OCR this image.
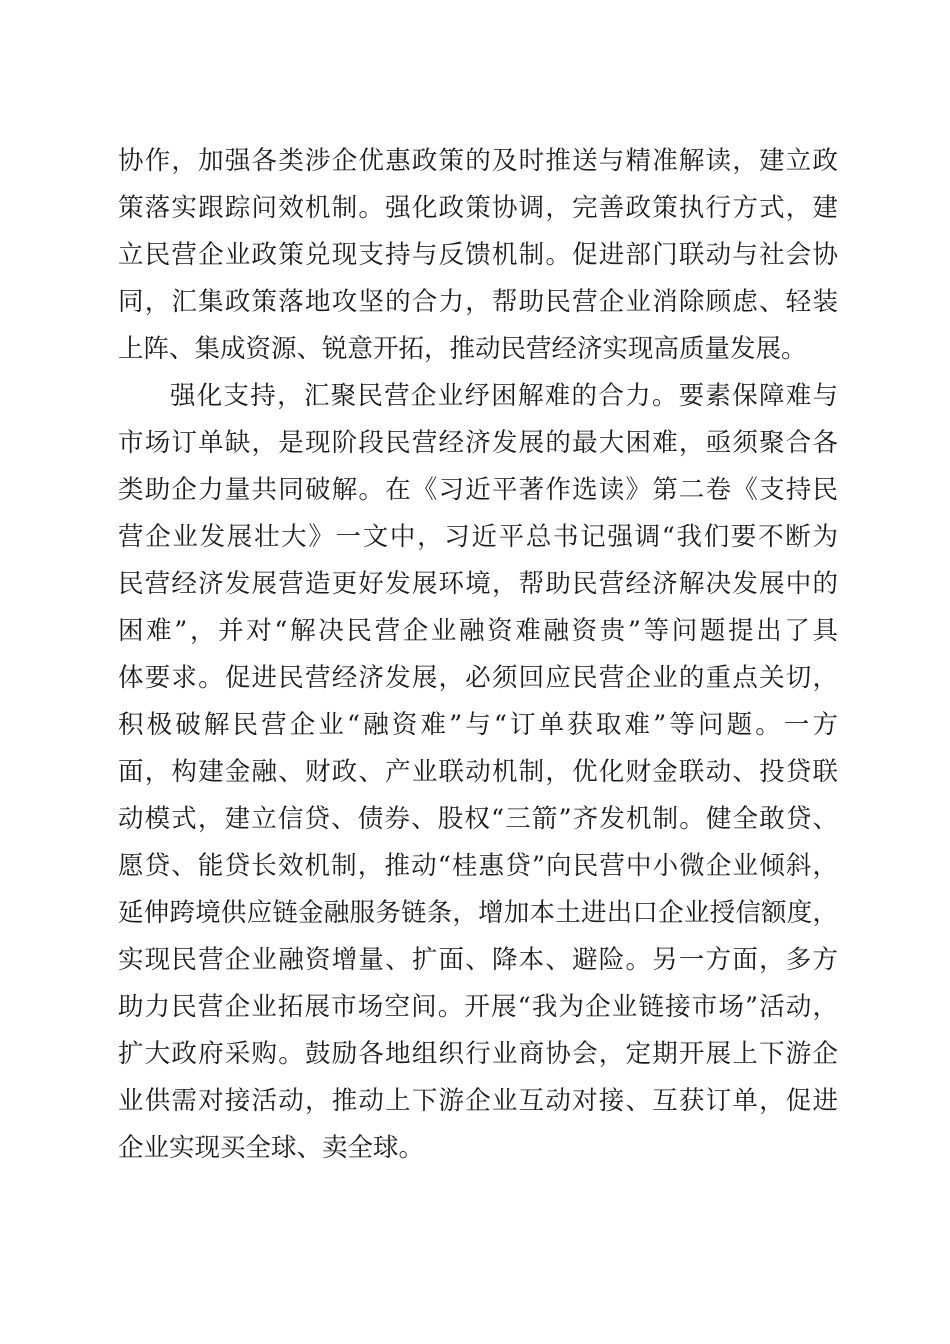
协作，加强各类涉企优惠政策的及时推送与精准解读，建立政
策落实跟踪问效机制。强化政策协调，完善政策执行方式，建
立民营企业政策兑现支持与反馈机制。促进部门联动与社会协
同，汇集政策落地攻坚的合力，帮助民营企业消除顾虑、轻装
上阵、集成资源、锐意开拓，推动民营经济实现高质量发展。
强化支持，汇聚民营企业纾困解难的合力。要素保障难与
市场订单缺，是现阶段民营经济发展的最大困难，亟须聚合各
类助企力量共同破解。在《习近平著作选读》第二卷《支持民
营企业发展壮大》一文中，习近平总书记强调“我们要不断为
民营经济发展营造更好发展环境，帮助民营经济解决发展中的
困难”，并对“解决民营企业融资难融资贵”等问题提出了具
体要求。促进民营经济发展，必须回应民营企业的重点关切，
积极破解民营企业“融资难”与“订单获取难”等问题。一方
面，构建金融、财政、产业联动机制，优化财金联动、投贷联
动模式，建立信贷、债券、股权“三箭”齐发机制。健全敢贷、
愿贷、能贷长效机制，推动“桂惠贷”向民营中小微企业倾斜，
延伸跨境供应链金融服务链条，增加本土进出口企业授信额度，
实现民营企业融资增量、扩面、降本、避险。另一方面，多方
助力民营企业拓展市场空间。开展“我为企业链接市场”活动，
扩大政府采购。鼓励各地组织行业商协会，定期开展上下游企
业供需对接活动，推动上下游企业互动对接、互获订单，促进
企业实现买全球、卖全球。
